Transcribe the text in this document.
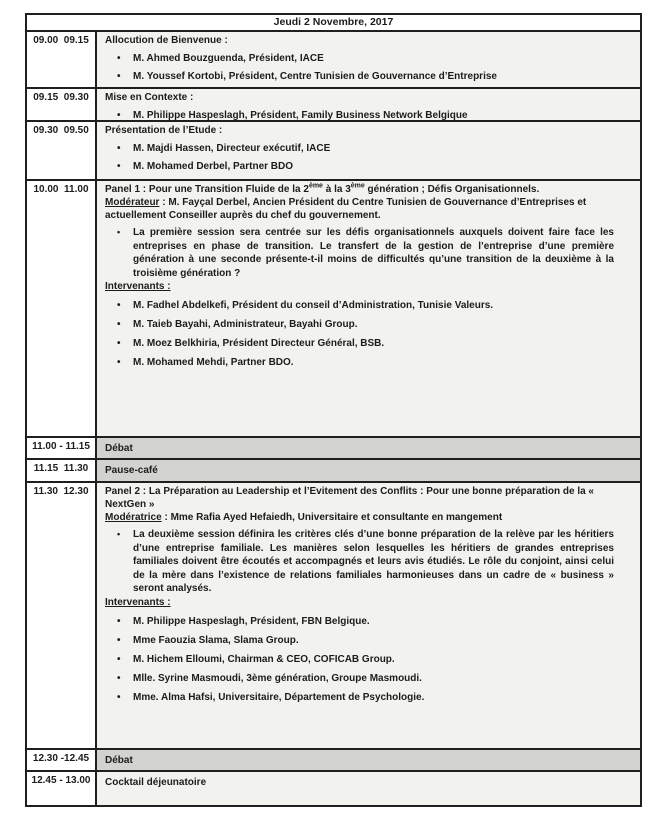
Jeudi 2 Novembre, 2017
09.00  09.15	Allocution de Bienvenue :

• M. Ahmed Bouzguenda, Président, IACE
• M. Youssef Kortobi, Président, Centre Tunisien de Gouvernance d’Entreprise
09.15  09.30	Mise en Contexte :

• M. Philippe Haspeslagh, Président, Family Business Network Belgique
09.30  09.50	Présentation de l’Etude :

• M. Majdi Hassen, Directeur exécutif, IACE
• M. Mohamed Derbel, Partner BDO
10.00  11.00	Panel 1 : Pour une Transition Fluide de la 2ème à la 3ème génération ; Défis Organisationnels.

Modérateur : M. Fayçal Derbel, Ancien Président du Centre Tunisien de Gouvernance d’Entreprises et actuellement Conseiller auprès du chef du gouvernement.

• La première session sera centrée sur les défis organisationnels auxquels doivent faire face les entreprises en phase de transition. Le transfert de la gestion de l’entreprise d’une première génération à une seconde présente-t-il moins de difficultés qu’une transition de la deuxième à la troisième génération ?

Intervenants :

• M. Fadhel Abdelkefi, Président du conseil d’Administration, Tunisie Valeurs.
• M. Taieb Bayahi, Administrateur, Bayahi Group.
• M. Moez Belkhiria, Président Directeur Général, BSB.
• M. Mohamed Mehdi, Partner BDO.
11.00 - 11.15	Débat
11.15  11.30	Pause-café
11.30  12.30	Panel 2 : La Préparation au Leadership et l’Evitement des Conflits : Pour une bonne préparation de la « NextGen »

Modératrice : Mme Rafia Ayed Hefaiedh, Universitaire et consultante en mangement

• La deuxième session définira les critères clés d’une bonne préparation de la relève par les héritiers d’une entreprise familiale. Les manières selon lesquelles les héritiers de grandes entreprises familiales doivent être écoutés et accompagnés et leurs avis étudiés. Le rôle du conjoint, ainsi celui de la mère dans l’existence de relations familiales harmonieuses dans un cadre de « business » seront analysés.

Intervenants :

• M. Philippe Haspeslagh, Président, FBN Belgique.
• Mme Faouzia Slama, Slama Group.
• M. Hichem Elloumi, Chairman & CEO, COFICAB Group.
• Mlle. Syrine Masmoudi, 3ème génération, Groupe Masmoudi.
• Mme. Alma Hafsi, Universitaire, Département de Psychologie.
12.30 -12.45	Débat
12.45 - 13.00	Cocktail déjeunatoire
